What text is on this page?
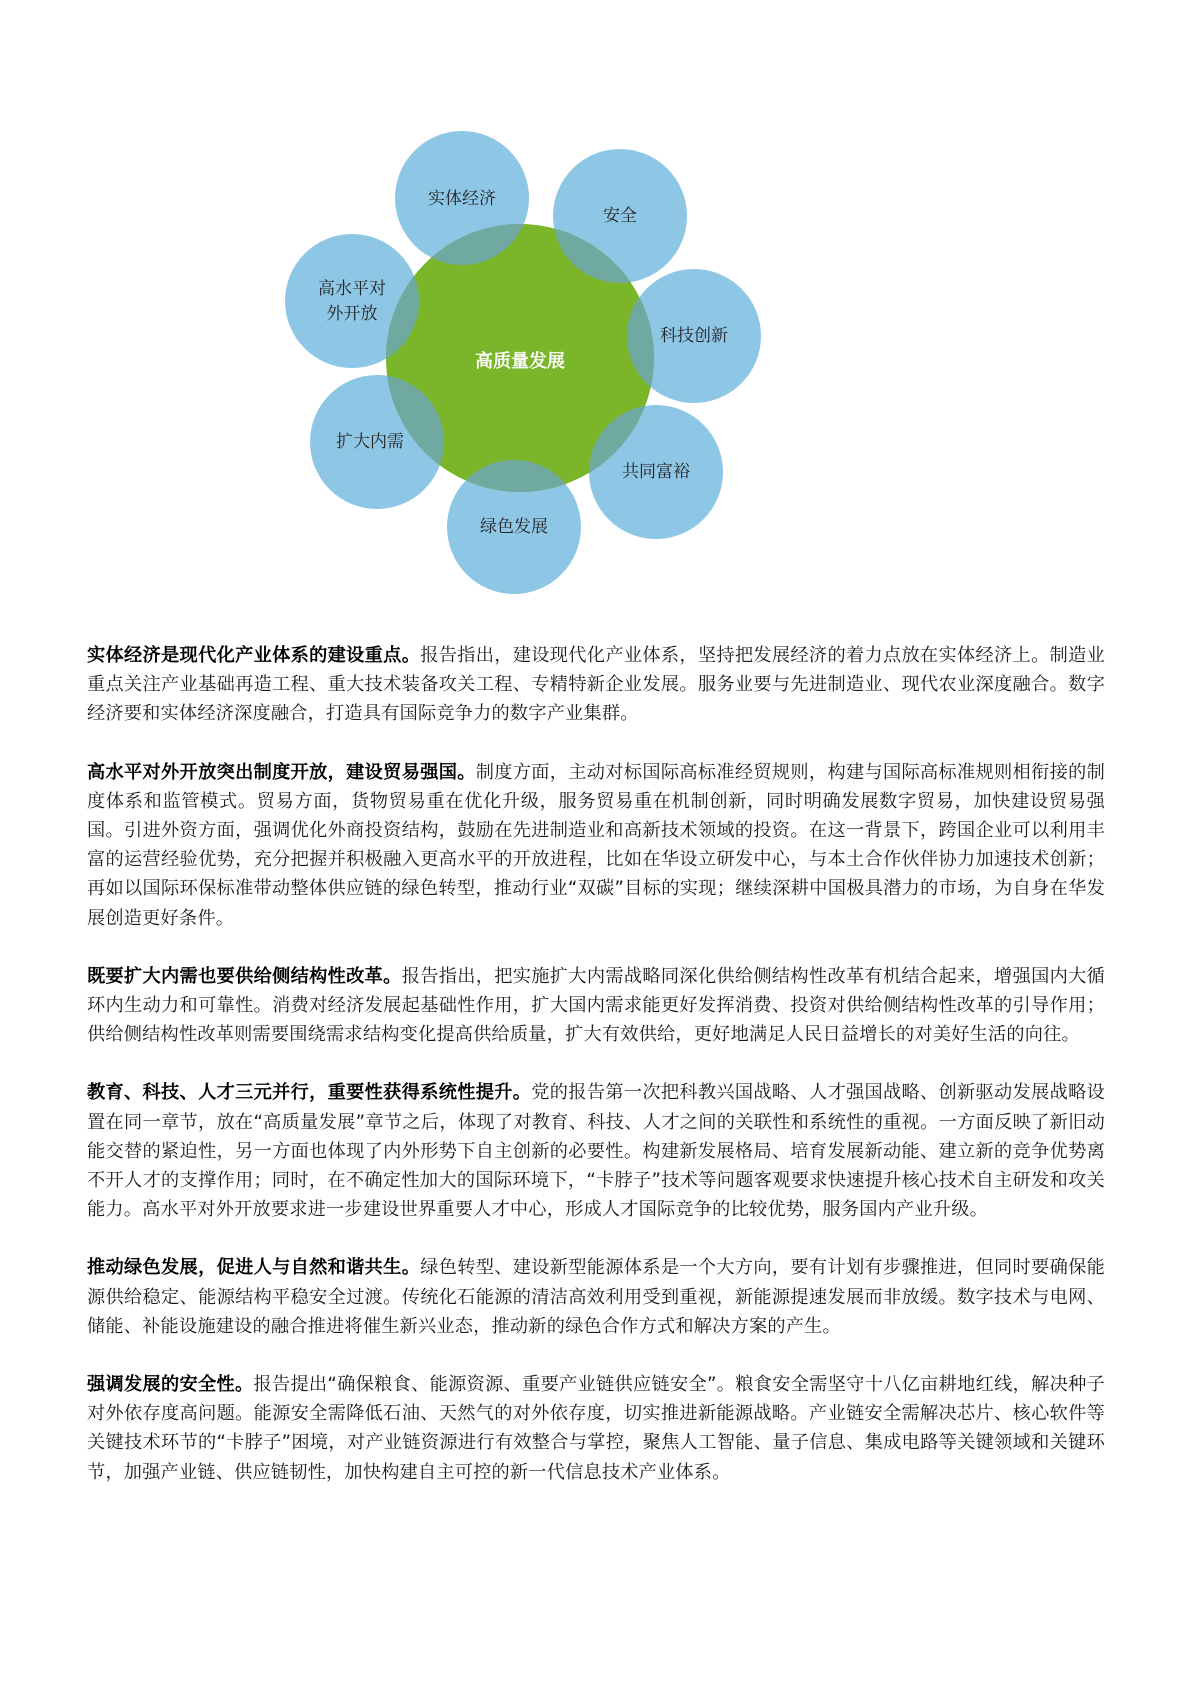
高质量发展
实体经济
安全
科技创新
共同富裕
绿色发展
扩大内需
高水平对
外开放

实体经济是现代化产业体系的建设重点。报告指出，建设现代化产业体系，坚持把发展经济的着力点放在实体经济上。制造业重点关注产业基础再造工程、重大技术装备攻关工程、专精特新企业发展。服务业要与先进制造业、现代农业深度融合。数字经济要和实体经济深度融合，打造具有国际竞争力的数字产业集群。

高水平对外开放突出制度开放，建设贸易强国。制度方面，主动对标国际高标准经贸规则，构建与国际高标准规则相衔接的制度体系和监管模式。贸易方面，货物贸易重在优化升级，服务贸易重在机制创新，同时明确发展数字贸易，加快建设贸易强国。引进外资方面，强调优化外商投资结构，鼓励在先进制造业和高新技术领域的投资。在这一背景下，跨国企业可以利用丰富的运营经验优势，充分把握并积极融入更高水平的开放进程，比如在华设立研发中心，与本土合作伙伴协力加速技术创新；再如以国际环保标准带动整体供应链的绿色转型，推动行业“双碳”目标的实现；继续深耕中国极具潜力的市场，为自身在华发展创造更好条件。

既要扩大内需也要供给侧结构性改革。报告指出，把实施扩大内需战略同深化供给侧结构性改革有机结合起来，增强国内大循环内生动力和可靠性。消费对经济发展起基础性作用，扩大国内需求能更好发挥消费、投资对供给侧结构性改革的引导作用；供给侧结构性改革则需要围绕需求结构变化提高供给质量，扩大有效供给，更好地满足人民日益增长的对美好生活的向往。

教育、科技、人才三元并行，重要性获得系统性提升。党的报告第一次把科教兴国战略、人才强国战略、创新驱动发展战略设置在同一章节，放在“高质量发展”章节之后，体现了对教育、科技、人才之间的关联性和系统性的重视。一方面反映了新旧动能交替的紧迫性，另一方面也体现了内外形势下自主创新的必要性。构建新发展格局、培育发展新动能、建立新的竞争优势离不开人才的支撑作用；同时，在不确定性加大的国际环境下，“卡脖子”技术等问题客观要求快速提升核心技术自主研发和攻关能力。高水平对外开放要求进一步建设世界重要人才中心，形成人才国际竞争的比较优势，服务国内产业升级。

推动绿色发展，促进人与自然和谐共生。绿色转型、建设新型能源体系是一个大方向，要有计划有步骤推进，但同时要确保能源供给稳定、能源结构平稳安全过渡。传统化石能源的清洁高效利用受到重视，新能源提速发展而非放缓。数字技术与电网、储能、补能设施建设的融合推进将催生新兴业态，推动新的绿色合作方式和解决方案的产生。

强调发展的安全性。报告提出“确保粮食、能源资源、重要产业链供应链安全”。粮食安全需坚守十八亿亩耕地红线，解决种子对外依存度高问题。能源安全需降低石油、天然气的对外依存度，切实推进新能源战略。产业链安全需解决芯片、核心软件等关键技术环节的“卡脖子”困境，对产业链资源进行有效整合与掌控，聚焦人工智能、量子信息、集成电路等关键领域和关键环节，加强产业链、供应链韧性，加快构建自主可控的新一代信息技术产业体系。
